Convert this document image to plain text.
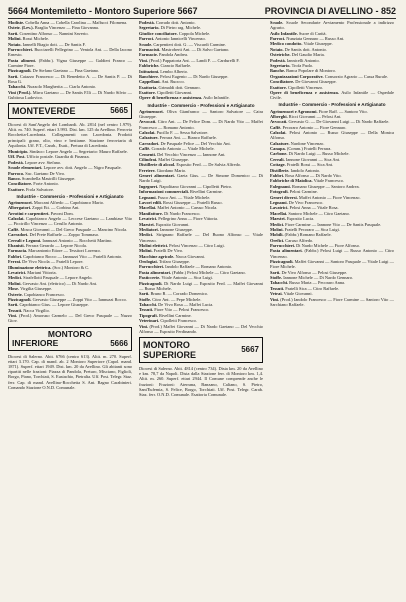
5664 Montemiletto - Montoro Superiore 5667	PROVINCIA DI AVELLINO - 852
Modiste. Cobella Anna — Cobella Carolina — Maffucci Filomena.
Ostetr. (Lev.). Braglia Vincenzo — Fina Giovanna.
Sarti. Cosentino Alfonso — Nannini Saverio.
Molini. Rossi Michele.
Notaio. Iannelli Biagio dott. — De Santis F.
Parrucchieri. Bucciarelli Pellegrino — Ventola Ant. — Della Iacono Ernesto.
Pasta aliment. (Fabbr.). Vigna Giuseppe — Galdieri Franco — Carmine Fiore.
Pizzicagnoli. De Stefano Gaetano — Fina Gaetano.
Sarti. Caiazzo Francesco — Di Benedetto A. — De Santis P. — Di Rosa G.
Tabacchi. Nuzzolo Margherita — Ciarla Antonio.
Vini (Prod.). Mirra Gaetano — De Santis F.lli — Di Nardo Silvio — Gubitosa Ludovico.
MONTEVERDE	5665
Diocesi di Sant'Angelo dei Lombardi. Ab. 2814 (nel centro 1.979). Altit. m. 740. Superf. ettari 3.993. Dist. km. 125 da Avellino. Ferrovia Rocchetta-Lacedonia. Collegamenti con Lacedonia. Prodotti principali: grano, olio, vino e bestiame. Stazione ferroviaria di Aquilonia. Uff. P.T., Carab., Esatt., Pretura di Lacedonia.
Municipio. Sindaco: Lepore Angelo — Segretario: Mauro Raffaele.
Uff. Post. Ufficio postale. Guardia di Finanza.
Podestà. Lepore avv. Stefano.
Scuole elementari. Lepore avv. dott. Angelo — Nigro Pasquale.
Parroco. Sac. Gaetano De Vivo.
Banco. Scandrella Mastrilli Giuseppe.
Conciliatore. Forte Antonio.
Esattore. Frola Salvatore.
Industrie - Commercio - Professioni e Artigianato
Agrimensori. Maccani Alfredo — Capobianco Mario.
Albergatori. Zoppi Ett. — Corbino Ant.
Arrotini e carpentieri. Pavoni Dom.
Calzolai. Capobianco Angelo — Leccese Gaetano — Lambiase Vito — Piccirillo Vincenzo — Cerullo Antonio.
Caffè. Mosca Giovanni — Del Greco Pasquale — Mancino Nicola.
Carradori. Del Prete Raffaele — Zoppo Tommaso.
Cereali e Legumi. Iannuzzi Antonio — Rocchetti Martino.
Ebanisti. Ferrara Gerardo — Lepore Nicola.
Farmacia. Marcantonio Ettore — Tessitori Lorenzo.
Fabbri. Capobianco Rocco — Iannuzzi Vito — Fratelli Antonio.
Ferrai. De Vivo Nicola — Fratelli Lepore.
Illuminazione elettrica. (Soc.) Montoro & C.
Levatrici. Mariani Vittoria.
Medici. Strafellotti Pasquale — Lepore Angelo.
Molini. Gervasio Ant. (elettrico) — Di Nardo Ant.
Mose. Virgilia Giuseppe.
Osterie. Capobianco Francesco.
Pizzicagnoli. Gervasio Giuseppe — Zoppi Vito — Iannuzzi Rocco.
Sarti. Capobianco Gius. — Lepore Giuseppe.
Tessuti. Nacca Virgilio.
Vini. (Prod.) Amoruso Carmelo — Del Greco Pasquale — Nuzzo Giov.
MONTORO
INFERIORE	5666
Diocesi di Salerno. Abit. 6766 (centro 613). Altit. m. 270. Superf. ettari 3.170. Cap. di mand. ab. 2 Montoro Superiore (Capol. mand. 1871). Superf. ettari 1949. Dist. km. 20 da Avellino. Gli abitanti sono ripartiti nelle frazioni: Piazza di Pandola, Preturo, Misciano, Figlioli, Borgo, Piano, Torchiati, S. Eustachio, Pietralta. Uff. Post. Telegr. Staz. ferr. Cap. di mand. Avellino-Rocchetta S. Ant. Bagno Carabinieri. Comando Stazione O.N.D. Comunale.
Podestà. Corrado dott. Antonio.
Segretario. Di Pietro rag. Michele.
Giudice conciliatore. Coppola Michele.
Parroci. Antonio Iannicelli Vincenzo.
Scuole. Carpentieri dott. G. — Viscardi Carmine.
Farmacisti. Mastroberti Ant. — Di Salvo Gaetano.
Farmacie. Pandola Andrea.
Vini. (Prod.) Pappatorta Ant. — Landi F. — Cardurelli F.
Fabbriche. Ciancio Raffaele.
Istituzioni. Lembo Alberto.
Banchiere. Pelosi Eugenio — Di Nardo Giuseppe.
Cappellani. Ant. Ruocco.
Esattoria. Grimaldi dott. Gennaro.
Esattore. Cipolletti Giovanni.
Opere di beneficenza e assistenza. Asilo Infantile.
Industrie - Commercio - Professioni e Artigianato
Agrimensori. Oliva Gianfranco — Santoro Salvatore — Caira Giuseppe.
Avvocati. Citro Ant. — De Felice Dom. — Di Nardo Vito — Maffei Francesco — Romano Antonio.
Calzolai. Pucillo F. — Sessa Salvatore.
Calzature. Ferrara Ant. — Bianco Raffaele.
Carradori. De Pasquale Felice — Del Vecchio Ant.
Caffè. Corrado Antonio — Vitale Michele.
Cementi. Del Vecchio Vincenzo — Iannone Ant.
Cilindrai. Maffei Giuseppe.
Distillerie di alcool. Esposito Ferd. — De Salvia Alfredo.
Ferriere. Giordano Mario.
Generi alimentari. Gaeta Gius. — De Simone Domenico — Di Nardo Luigi.
Ingegneri. Napolitano Giovanni — Cipolletti Pietro.
Informazioni commerciali. Rivellini Carmine.
Legnami. Fusco Ant. — Vitale Michele.
Lavori edili. Rossi Giuseppe — Fratelli Russo.
Macellai. Maffei Antonio — Caruso Nicola.
Manifatture. Di Nardo Francesco.
Levatrici. Pellegrino Anna — Fiore Vittoria.
Maestri. Esposito Giovanni.
Mediatori. Iannone Giuseppe.
Medici. Sirignano Raffaele — Del Buono Alfonso — Vitale Vincenzo.
Molini elettrici. Pelosi Vincenzo — Citro Luigi.
Molini. Fratelli De Vivo.
Macchine agricole. Nacca Giovanni.
Orologiai. Trifaro Giuseppe.
Parrucchieri. Iandolo Raffaele — Romano Antonio.
Pasta alimentari. (Fabbr.) Pelosi Michele — Citro Gaetano.
Pasticcerie. Vitale Antonio — Sica Luigi.
Pizzicagnoli. Di Nardo Luigi — Esposito Ferd. — Maffei Giovanni — Russo Michele.
Sarti. Bruno R. — Corrado Domenico.
Stoffe. Citro Ant. — Pepe Michele.
Tabacchi. De Vivo Rosa — Maffei Lucia.
Tessuti. Fiore Vito — Pelosi Francesco.
Tipografi. Rivellini Carmine.
Veterinari. Cipolletti Francesco.
Vini. (Prod.) Maffei Giovanni — Di Nardo Gaetano — Del Vecchio Alfonso — Esposito Ferdinando.
MONTORO SUPERIORE
5667
Diocesi di Salerno. Abit. 4814 (centro 734). Dista km. 20 da Avellino e km. 78,7 da Napoli. Dista dalla Stazione ferr. di Montoro km. 1,4. Altit. m. 260. Superf. ettari 2944. Il Comune comprende anche le frazioni: Frazioni: Aterrana, Banzano, Caliano, S. Pietro, Sant'Eufemia, S. Felice, Borgo, Torchiati. Uff. Post. Telegr. Carab. Staz. ferr. O.N.D. Comunale. Esattoria Comunale.
Scuole. Scuole Secondarie Avviamento Professionale a indirizzo Agrario.
Asilo Infantile. Suore di Carità.
Parroci. Nunziata Gennaro — Russo Ant.
Medico condotto. Vitale Giuseppe.
Notaio. De Santis dott. Antonio.
Ostetriche. Del Gaudio Maria.
Podestà. Iannicelli Antonio.
Segretario. Trofa Paolo.
Banche. Banca Popolare di Montoro.
Organizzazioni Corporative. Consorzio Agrario — Cassa Rurale.
Conciliatore. De Giovanni Giuseppe.
Esattore. Cipolletti Vincenzo.
Opere di beneficenza e assistenza. Asilo Infantile — Ospedale Civile.
Industrie - Commercio - Professioni e Artigianato
Agrimensori e Agronomi. Fiore Raff. — Santoro Vito.
Alberghi. Ricci Giovanni — Pelosi Ant.
Avvocati. Gervasio G. — De Giovanni Luigi — Di Nardo Raffaele.
Caffè. Pecoraro Antonio — Fiore Gennaro.
Calzolai. Pelosi Antonio — Russo Giuseppe — Della Monica Alfonso.
Calzature. Nardone Vincenzo.
Canapa. (Comm.) Fratelli Ferrara.
Carbone. Di Nardo Luigi — Russo Michele.
Cereali. Iannone Giovanni — Sica Ant.
Cottage. Fratelli Rossi — Sica Ant.
Distillerie. Iandolo Antonio.
Fabbri. Rosa Alfonso — Di Nardo Vito.
Fabbriche di Maiolica. Vitale Francesco.
Falegnami. Romano Giuseppe — Santoro Andrea.
Fotografi. Pelosi Carmine.
Generi diversi. Maffei Antonio — Fiore Vincenzo.
Legnami. De Vivo Francesco.
Lavatrici. Pelosi Anna — Vitale Rosa.
Macellai. Santoro Michele — Citro Gaetano.
Maestri. Esposito Lucia.
Medici. Fiore Carmine — Iannone Vito — De Santis Pasquale.
Molini. Fratelli Pecoraro — Sica Luigi.
Mobili. (Fabbr.) Romano Raffaele.
Orefici. Caruso Alfredo.
Parrucchieri. Di Nardo Michele — Fiore Alfonso.
Pasta alimentari. (Fabbr.) Pelosi Luigi — Russo Antonio — Citro Vincenzo.
Pizzicagnoli. Maffei Giovanni — Santoro Pasquale — Vitale Luigi — Fiore Michele.
Sarti. De Vivo Alfonso — Pelosi Giuseppe.
Stoffe. Iannone Michele — Di Nardo Gennaro.
Tabacchi. Russo Maria — Pecoraro Anna.
Tessuti. Fratelli Sica — Citro Raffaele.
Vetrai. Vitale Giovanni.
Vini. (Prod.) Iandolo Francesco — Fiore Carmine — Santoro Vito — Sarchiano Raffaele.
